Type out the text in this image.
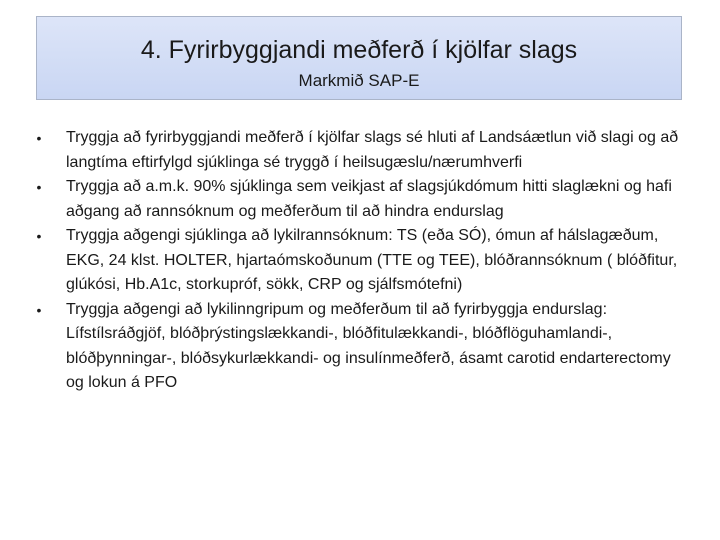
4. Fyrirbyggjandi meðferð í kjölfar slags
Markmið SAP-E
• Tryggja að fyrirbyggjandi meðferð í kjölfar slags sé hluti af Landsáætlun við slagi og að langtíma eftirfylgd sjúklinga sé tryggð í heilsugæslu/nærumhverfi
• Tryggja að a.m.k. 90% sjúklinga sem veikjast af slagsjúkdómum hitti slaglækni og hafi aðgang að rannsóknum og meðferðum til að hindra endurslag
• Tryggja aðgengi sjúklinga að lykilrannsóknum: TS (eða SÓ), ómun af hálslagæðum, EKG, 24 klst. HOLTER, hjartaómskoðunum (TTE og TEE), blóðrannsóknum ( blóðfitur, glúkósi, Hb.A1c, storkupróf, sökk, CRP og sjálfsmótefni)
• Tryggja aðgengi að lykilinngripum og meðferðum til að fyrirbyggja endurslag: Lífstílsráðgjöf, blóðþrýstingslækkandi-, blóðfitulækkandi-, blóðflöguhamlandi-, blóðþynningar-, blóðsykurlækkandi- og insulínmeðferð, ásamt carotid endarterectomy og lokun á PFO
